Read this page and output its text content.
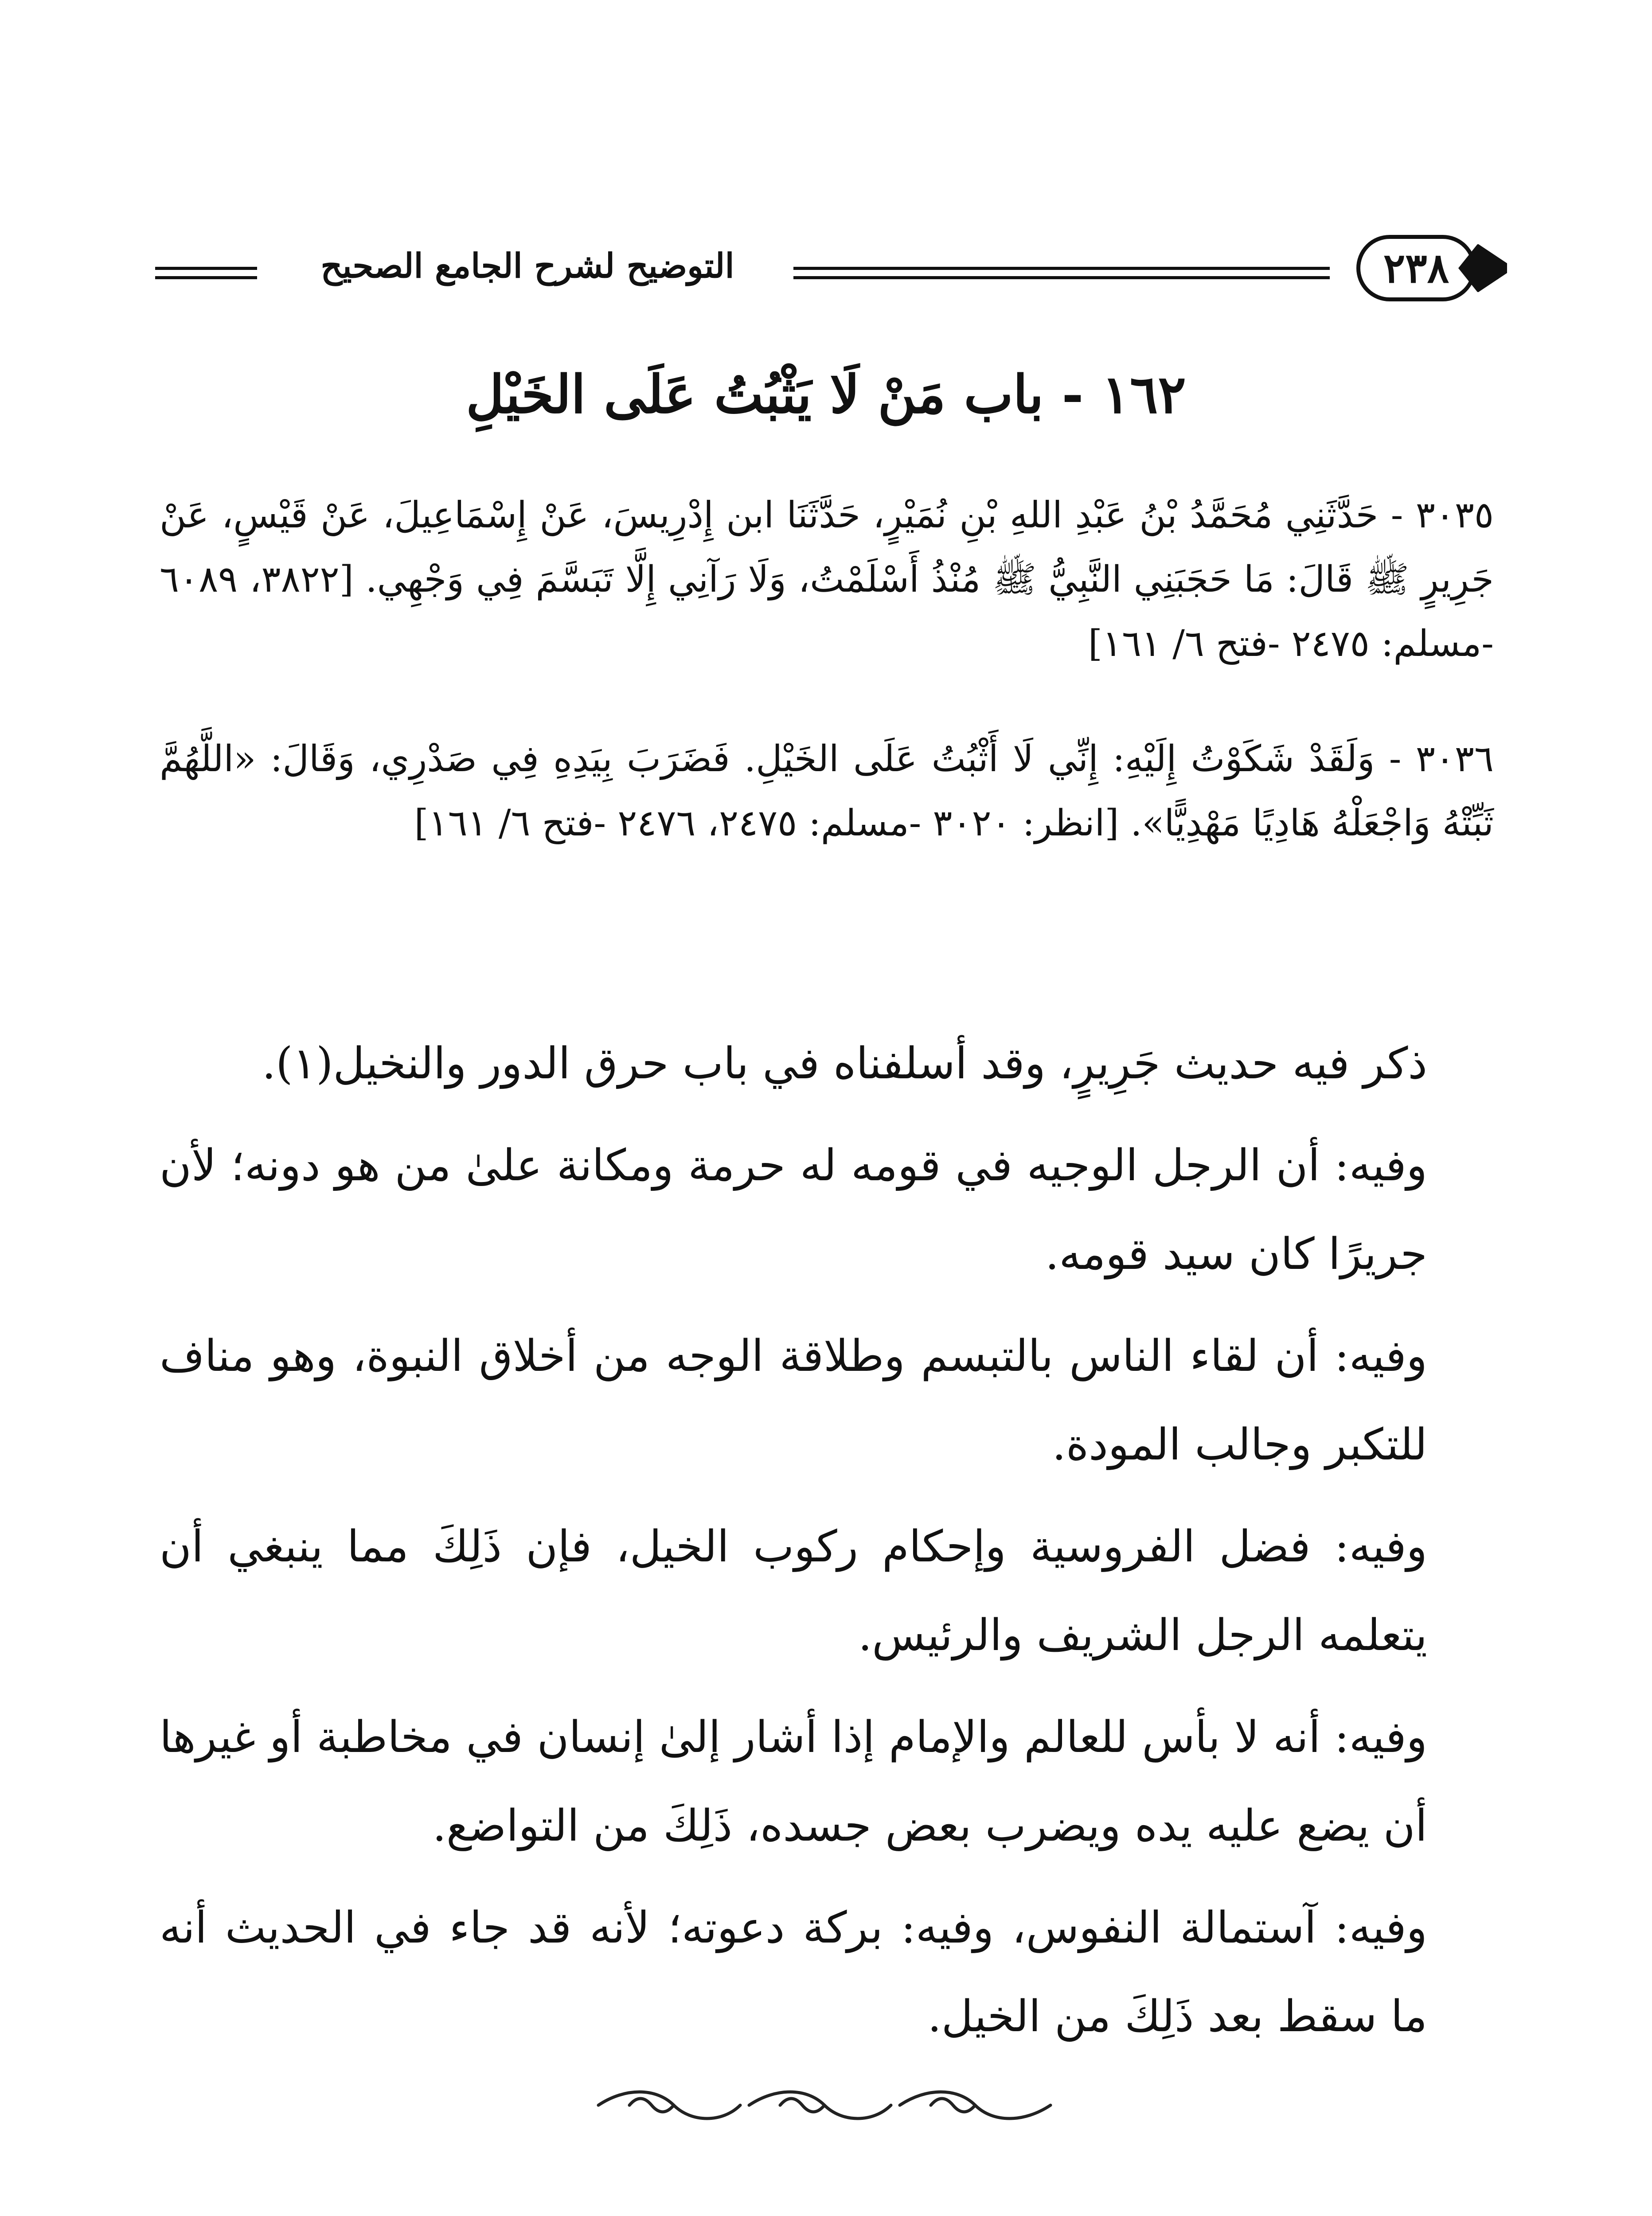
التوضيح لشرح الجامع الصحيح	٢٣٨
١٦٢ - باب مَنْ لَا يَثْبُتُ عَلَى الخَيْلِ
٣٠٣٥ - حَدَّثَنِي مُحَمَّدُ بْنُ عَبْدِ اللهِ بْنِ نُمَيْرٍ، حَدَّثَنَا ابن إِدْرِيسَ، عَنْ إِسْمَاعِيلَ، عَنْ قَيْسٍ، عَنْ جَرِيرٍ ﷺ قَالَ: مَا حَجَبَنِي النَّبِيُّ ﷺ مُنْذُ أَسْلَمْتُ، وَلَا رَآنِي إِلَّا تَبَسَّمَ فِي وَجْهِي. [٣٨٢٢، ٦٠٨٩ -مسلم: ٢٤٧٥ -فتح ٦/ ١٦١]
٣٠٣٦ - وَلَقَدْ شَكَوْتُ إِلَيْهِ: إِنِّي لَا أَثْبُتُ عَلَى الخَيْلِ. فَضَرَبَ بِيَدِهِ فِي صَدْرِي، وَقَالَ: «اللَّهُمَّ ثَبِّتْهُ وَاجْعَلْهُ هَادِيًا مَهْدِيًّا». [انظر: ٣٠٢٠ -مسلم: ٢٤٧٥، ٢٤٧٦ -فتح ٦/ ١٦١]

ذكر فيه حديث جَرِيرٍ، وقد أسلفناه في باب حرق الدور والنخيل(١).

وفيه: أن الرجل الوجيه في قومه له حرمة ومكانة علىٰ من هو دونه؛ لأن جريرًا كان سيد قومه.

وفيه: أن لقاء الناس بالتبسم وطلاقة الوجه من أخلاق النبوة، وهو مناف للتكبر وجالب المودة.

وفيه: فضل الفروسية وإحكام ركوب الخيل، فإن ذَلِكَ مما ينبغي أن يتعلمه الرجل الشريف والرئيس.

وفيه: أنه لا بأس للعالم والإمام إذا أشار إلىٰ إنسان في مخاطبة أو غيرها أن يضع عليه يده ويضرب بعض جسده، ذَلِكَ من التواضع.

وفيه: آستمالة النفوس، وفيه: بركة دعوته؛ لأنه قد جاء في الحديث أنه ما سقط بعد ذَلِكَ من الخيل.
